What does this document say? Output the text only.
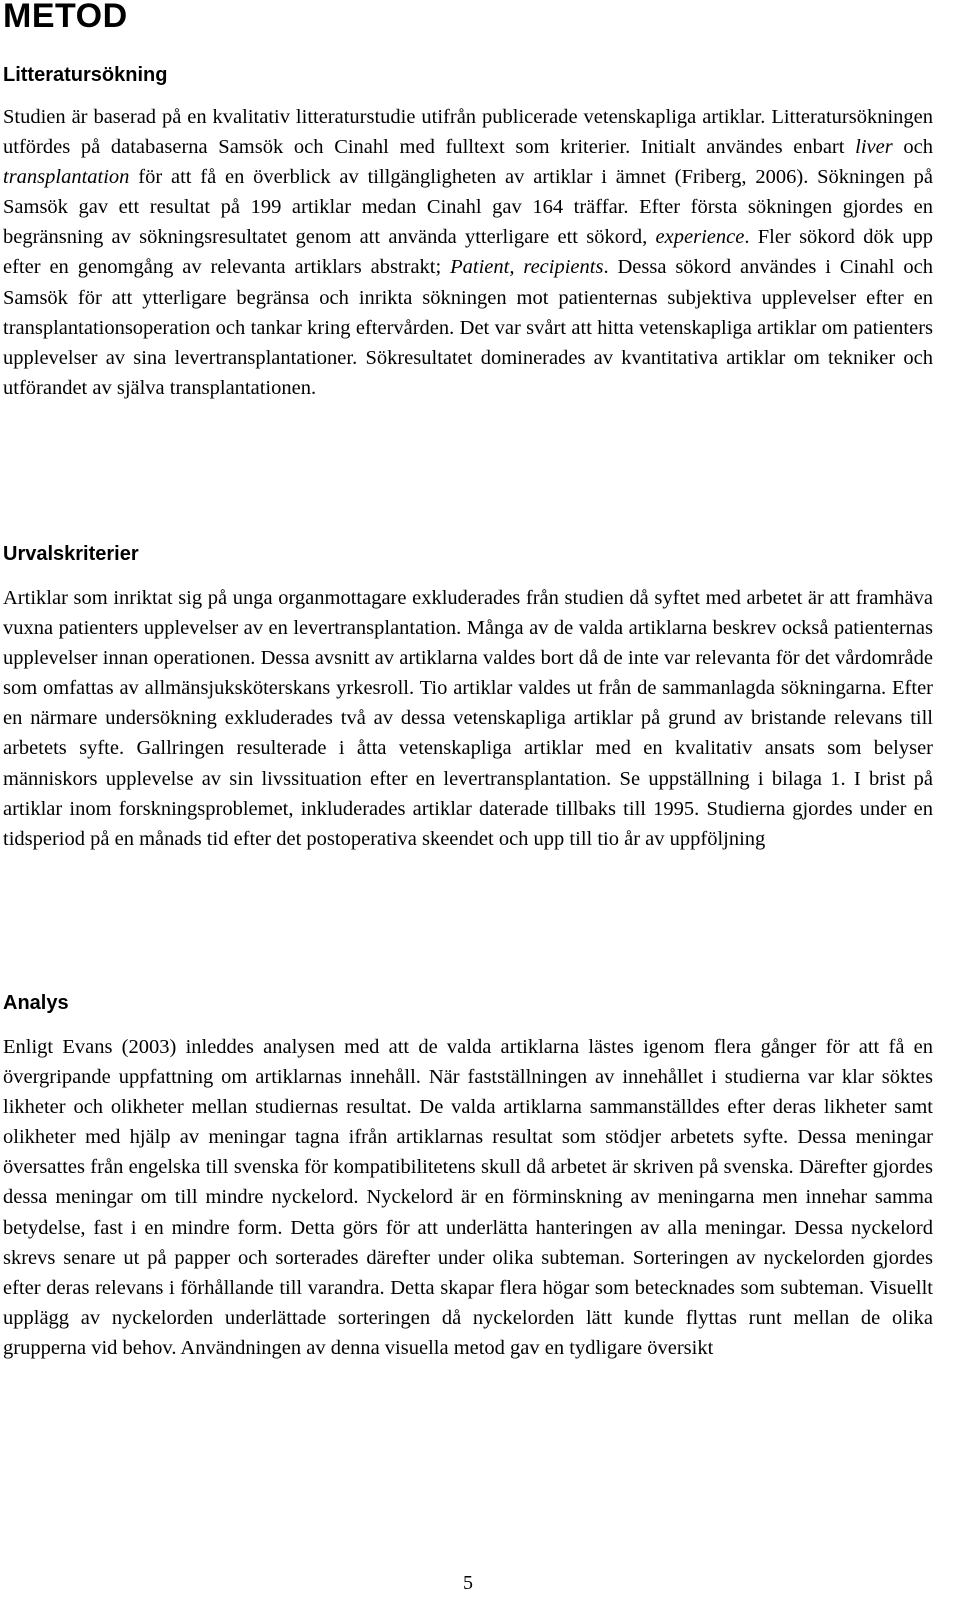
METOD
Litteratursökning

Studien är baserad på en kvalitativ litteraturstudie utifrån publicerade vetenskapliga artiklar. Litteratursökningen utfördes på databaserna Samsök och Cinahl med fulltext som kriterier. Initialt användes enbart liver och transplantation för att få en överblick av tillgängligheten av artiklar i ämnet (Friberg, 2006). Sökningen på Samsök gav ett resultat på 199 artiklar medan Cinahl gav 164 träffar. Efter första sökningen gjordes en begränsning av sökningsresultatet genom att använda ytterligare ett sökord, experience. Fler sökord dök upp efter en genomgång av relevanta artiklars abstrakt; Patient, recipients. Dessa sökord användes i Cinahl och Samsök för att ytterligare begränsa och inrikta sökningen mot patienternas subjektiva upplevelser efter en transplantationsoperation och tankar kring eftervården. Det var svårt att hitta vetenskapliga artiklar om patienters upplevelser av sina levertransplantationer. Sökresultatet dominerades av kvantitativa artiklar om tekniker och utförandet av själva transplantationen.

Urvalskriterier

Artiklar som inriktat sig på unga organmottagare exkluderades från studien då syftet med arbetet är att framhäva vuxna patienters upplevelser av en levertransplantation. Många av de valda artiklarna beskrev också patienternas upplevelser innan operationen. Dessa avsnitt av artiklarna valdes bort då de inte var relevanta för det vårdområde som omfattas av allmänsjuksköterskans yrkesroll. Tio artiklar valdes ut från de sammanlagda sökningarna. Efter en närmare undersökning exkluderades två av dessa vetenskapliga artiklar på grund av bristande relevans till arbetets syfte. Gallringen resulterade i åtta vetenskapliga artiklar med en kvalitativ ansats som belyser människors upplevelse av sin livssituation efter en levertransplantation. Se uppställning i bilaga 1. I brist på artiklar inom forskningsproblemet, inkluderades artiklar daterade tillbaks till 1995. Studierna gjordes under en tidsperiod på en månads tid efter det postoperativa skeendet och upp till tio år av uppföljning

Analys

Enligt Evans (2003) inleddes analysen med att de valda artiklarna lästes igenom flera gånger för att få en övergripande uppfattning om artiklarnas innehåll. När fastställningen av innehållet i studierna var klar söktes likheter och olikheter mellan studiernas resultat. De valda artiklarna sammanställdes efter deras likheter samt olikheter med hjälp av meningar tagna ifrån artiklarnas resultat som stödjer arbetets syfte. Dessa meningar översattes från engelska till svenska för kompatibilitetens skull då arbetet är skriven på svenska. Därefter gjordes dessa meningar om till mindre nyckelord. Nyckelord är en förminskning av meningarna men innehar samma betydelse, fast i en mindre form. Detta görs för att underlätta hanteringen av alla meningar. Dessa nyckelord skrevs senare ut på papper och sorterades därefter under olika subteman. Sorteringen av nyckelorden gjordes efter deras relevans i förhållande till varandra. Detta skapar flera högar som betecknades som subteman. Visuellt upplägg av nyckelorden underlättade sorteringen då nyckelorden lätt kunde flyttas runt mellan de olika grupperna vid behov. Användningen av denna visuella metod gav en tydligare översikt

5
